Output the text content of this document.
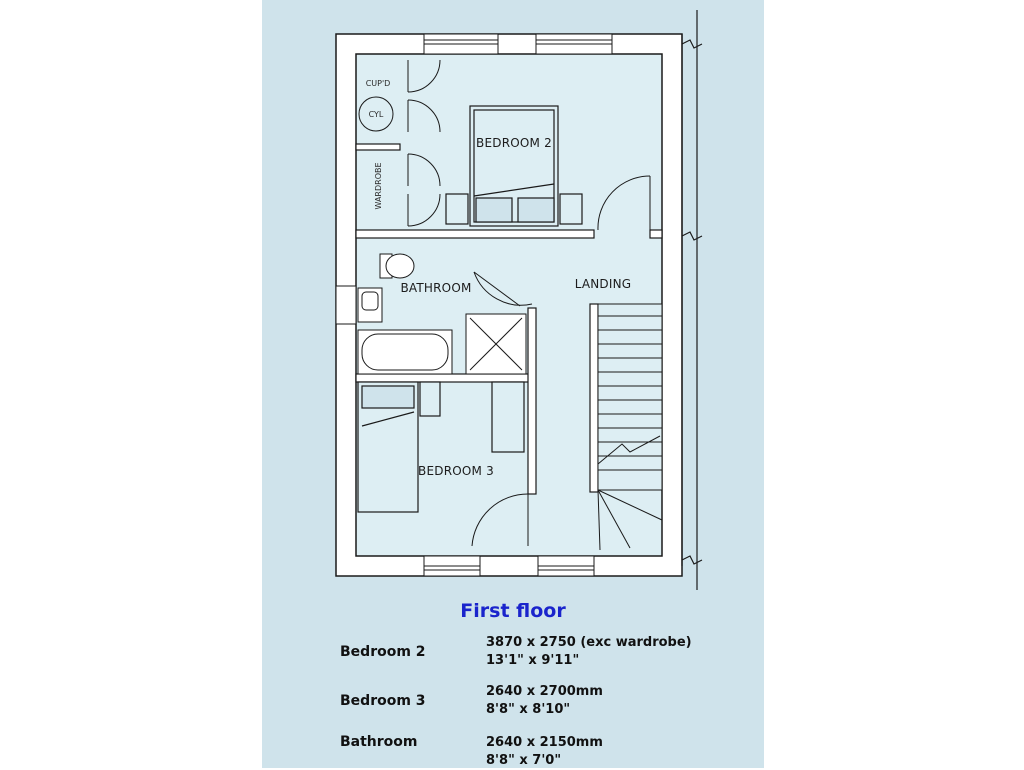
BEDROOM 2
BEDROOM 3
BATHROOM	LANDING
CUP'D
CYL
WARDROBE
First floor
Bedroom 2
3870 x 2750 (exc wardrobe)
13'1" x 9'11"
Bedroom 3
2640 x 2700mm
8'8" x 8'10"
Bathroom	2640 x 2150mm
8'8" x 7'0"
